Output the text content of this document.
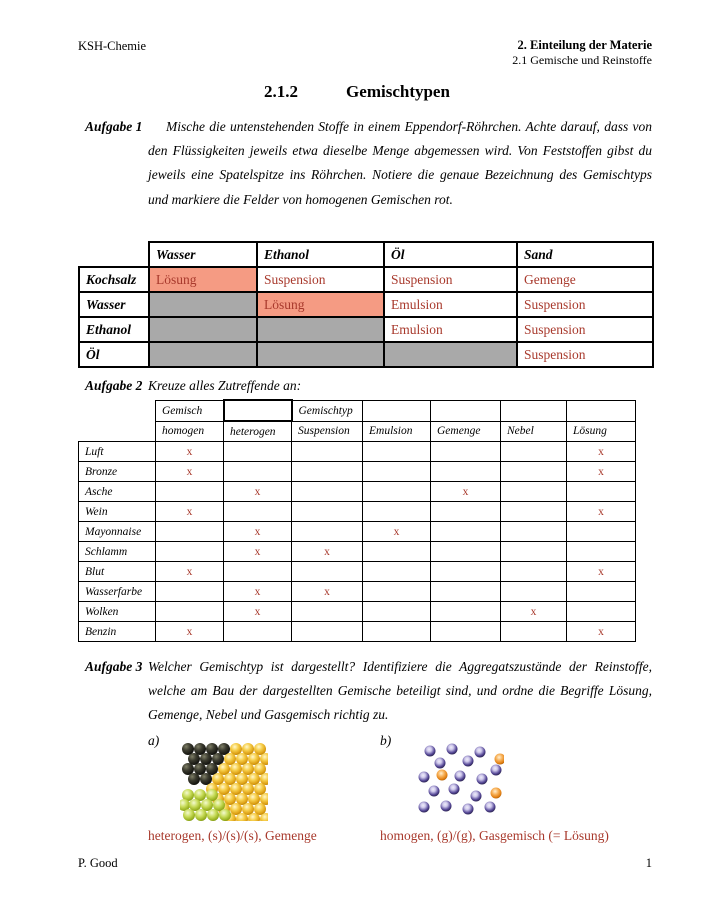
KSH-Chemie	2. Einteilung der Materie
2.1 Gemische und Reinstoffe
2.1.2	Gemischtypen
Aufgabe 1	Mische die untenstehenden Stoffe in einem Eppendorf-Röhrchen. Achte darauf, dass von den Flüssigkeiten jeweils etwa dieselbe Menge abgemessen wird. Von Feststoffen gibst du jeweils eine Spatelspitze ins Röhrchen. Notiere die genaue Bezeichnung des Gemischtyps und markiere die Felder von homogenen Gemischen rot.

	Wasser	Ethanol	Öl	Sand
Kochsalz	Lösung	Suspension	Suspension	Gemenge
Wasser		Lösung	Emulsion	Suspension
Ethanol			Emulsion	Suspension
Öl				Suspension
Aufgabe 2 Kreuze alles Zutreffende an:

	Gemisch		Gemischtyp				
	homogen	heterogen	Suspension	Emulsion	Gemenge	Nebel	Lösung
Luft	x						x
Bronze	x						x
Asche		x			x		
Wein	x						x
Mayonnaise		x		x			
Schlamm		x	x				
Blut	x						x
Wasserfarbe		x	x				
Wolken		x				x	
Benzin	x						x
Aufgabe 3 Welcher Gemischtyp ist dargestellt? Identifiziere die Aggregatszustände der Reinstoffe, welche am Bau der dargestellten Gemische beteiligt sind, und ordne die Begriffe Lösung, Gemenge, Nebel und Gasgemisch richtig zu.

a)	b)
heterogen, (s)/(s)/(s), Gemenge	homogen, (g)/(g), Gasgemisch (= Lösung)
P. Good	1
